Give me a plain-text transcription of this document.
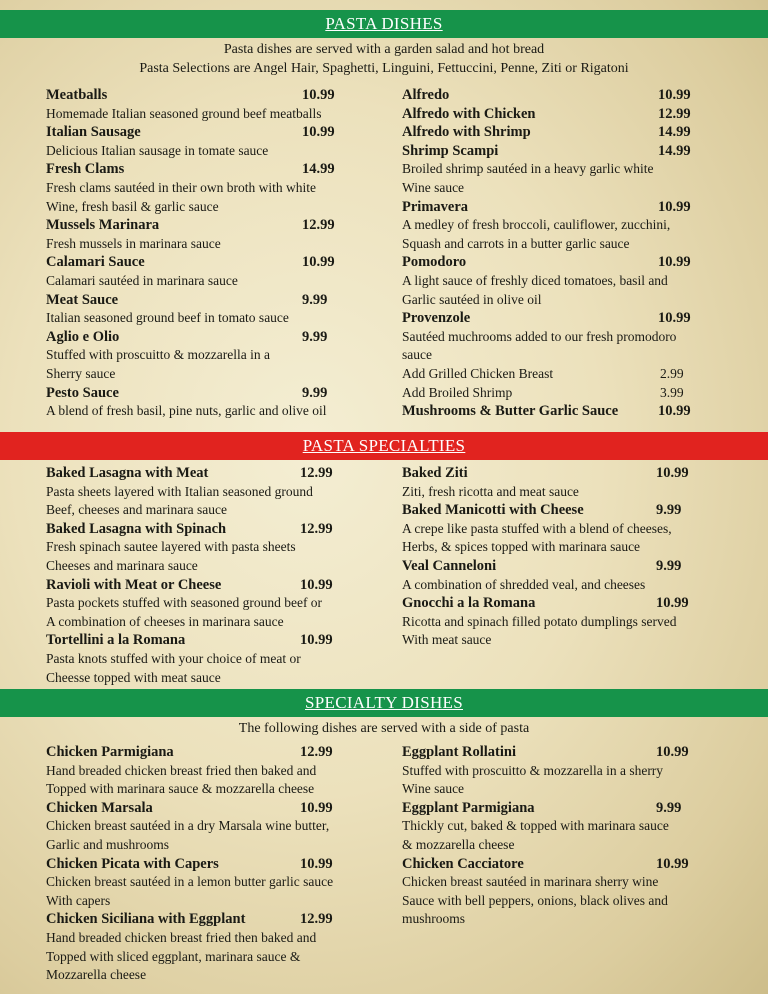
PASTA DISHES
Pasta dishes are served with a garden salad and hot bread
Pasta Selections are Angel Hair, Spaghetti, Linguini, Fettuccini, Penne, Ziti or Rigatoni
Meatballs	10.99
Homemade Italian seasoned ground beef meatballs
Italian Sausage	10.99
Delicious Italian sausage in tomate sauce
Fresh Clams	14.99
Fresh clams sautéed in their own broth with white
Wine, fresh basil & garlic sauce
Mussels Marinara	12.99
Fresh mussels in marinara sauce
Calamari Sauce	10.99
Calamari sautéed in marinara sauce
Meat Sauce	9.99
Italian seasoned ground beef in tomato sauce
Aglio e Olio	9.99
Stuffed with proscuitto & mozzarella in a
Sherry sauce
Pesto Sauce	9.99
A blend of fresh basil, pine nuts, garlic and olive oil
Alfredo	10.99
Alfredo with Chicken	12.99
Alfredo with Shrimp	14.99
Shrimp Scampi	14.99
Broiled shrimp sautéed in a heavy garlic white
Wine sauce
Primavera	10.99
A medley of fresh broccoli, cauliflower, zucchini,
Squash and carrots in a butter garlic sauce
Pomodoro	10.99
A light sauce of freshly diced tomatoes, basil and
Garlic sautéed in olive oil
Provenzole	10.99
Sautéed muchrooms added to our fresh promodoro
sauce
Add Grilled Chicken Breast	2.99
Add Broiled Shrimp	3.99
Mushrooms & Butter Garlic Sauce	10.99
PASTA SPECIALTIES
Baked Lasagna with Meat	12.99
Pasta sheets layered with Italian seasoned ground
Beef, cheeses and marinara sauce
Baked Lasagna with Spinach	12.99
Fresh spinach sautee layered with pasta sheets
Cheeses and marinara sauce
Ravioli with Meat or Cheese	10.99
Pasta pockets stuffed with seasoned ground beef or
A combination of cheeses in marinara sauce
Tortellini a la Romana	10.99
Pasta knots stuffed with your choice of meat or
Cheesse topped with meat sauce
Baked Ziti	10.99
Ziti, fresh ricotta and meat sauce
Baked Manicotti with Cheese	9.99
A crepe like pasta stuffed with a blend of cheeses,
Herbs, & spices topped with marinara sauce
Veal Canneloni	9.99
A combination of shredded veal, and cheeses
Gnocchi a la Romana	10.99
Ricotta and spinach filled potato dumplings served
With meat sauce
SPECIALTY DISHES
The following dishes are served with a side of pasta
Chicken Parmigiana	12.99
Hand breaded chicken breast fried then baked and
Topped with marinara sauce & mozzarella cheese
Chicken Marsala	10.99
Chicken breast sautéed in a dry Marsala wine butter,
Garlic and mushrooms
Chicken Picata with Capers	10.99
Chicken breast sautéed in a lemon butter garlic sauce
With capers
Chicken Siciliana with Eggplant	12.99
Hand breaded chicken breast fried then baked and
Topped with sliced eggplant, marinara sauce &
Mozzarella cheese
Eggplant Rollatini	10.99
Stuffed with proscuitto & mozzarella in a sherry
Wine sauce
Eggplant Parmigiana	9.99
Thickly cut, baked & topped with marinara sauce
& mozzarella cheese
Chicken Cacciatore	10.99
Chicken breast sautéed in marinara sherry wine
Sauce with bell peppers, onions, black olives and
mushrooms
